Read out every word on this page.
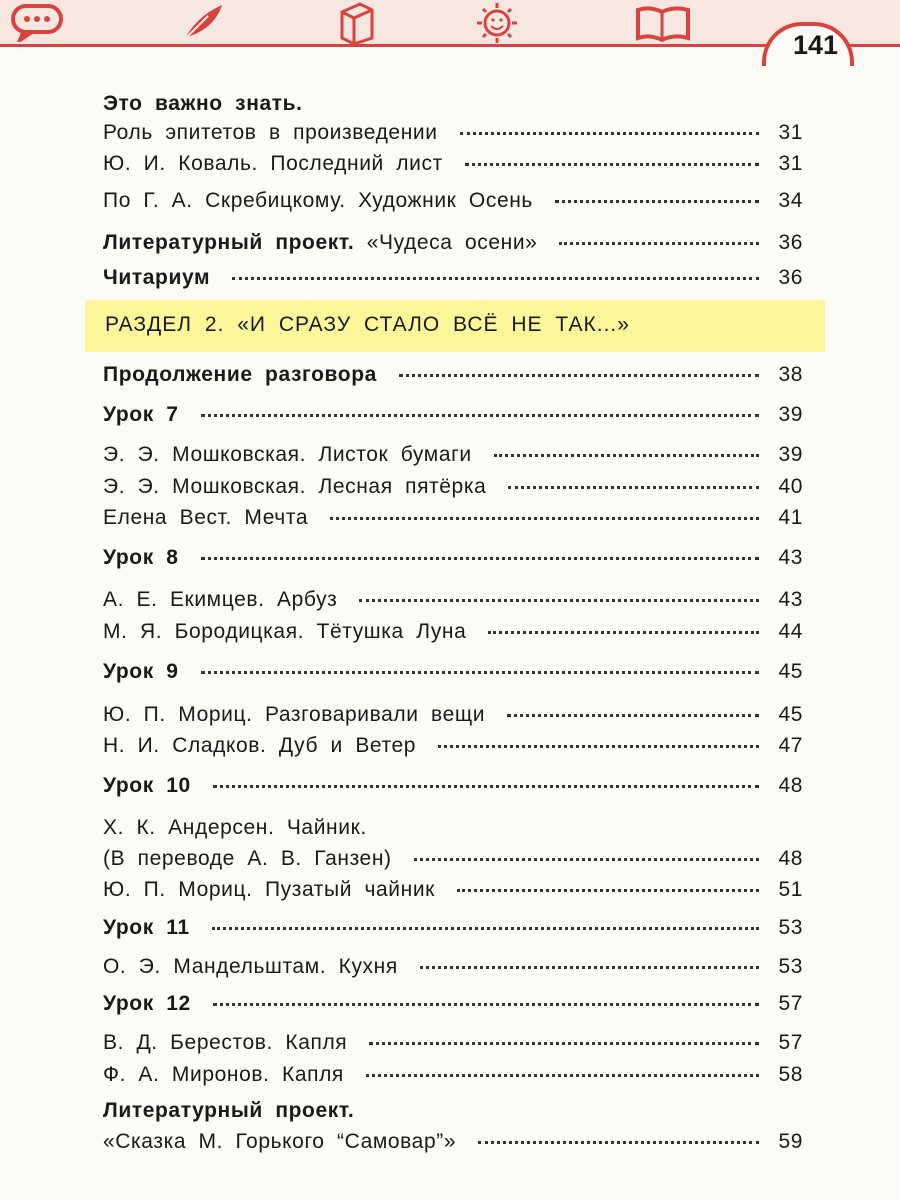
141
РАЗДЕЛ 2. «И СРАЗУ СТАЛО ВСЁ НЕ ТАК...»
Это важно знать.
Роль эпитетов в произведении	31
Ю. И. Коваль. Последний лист	31
По Г. А. Скребицкому. Художник Осень	34
Литературный проект. «Чудеса осени»	36
Читариум	36
Продолжение разговора	38
Урок 7	39
Э. Э. Мошковская. Листок бумаги	39
Э. Э. Мошковская. Лесная пятёрка	40
Елена Вест. Мечта	41
Урок 8	43
А. Е. Екимцев. Арбуз	43
М. Я. Бородицкая. Тётушка Луна	44
Урок 9	45
Ю. П. Мориц. Разговаривали вещи	45
Н. И. Сладков. Дуб и Ветер	47
Урок 10	48
Х. К. Андерсен. Чайник.
(В переводе А. В. Ганзен)	48
Ю. П. Мориц. Пузатый чайник	51
Урок 11	53
О. Э. Мандельштам. Кухня	53
Урок 12	57
В. Д. Берестов. Капля	57
Ф. А. Миронов. Капля	58
Литературный проект.
«Сказка М. Горького “Самовар”»	59
